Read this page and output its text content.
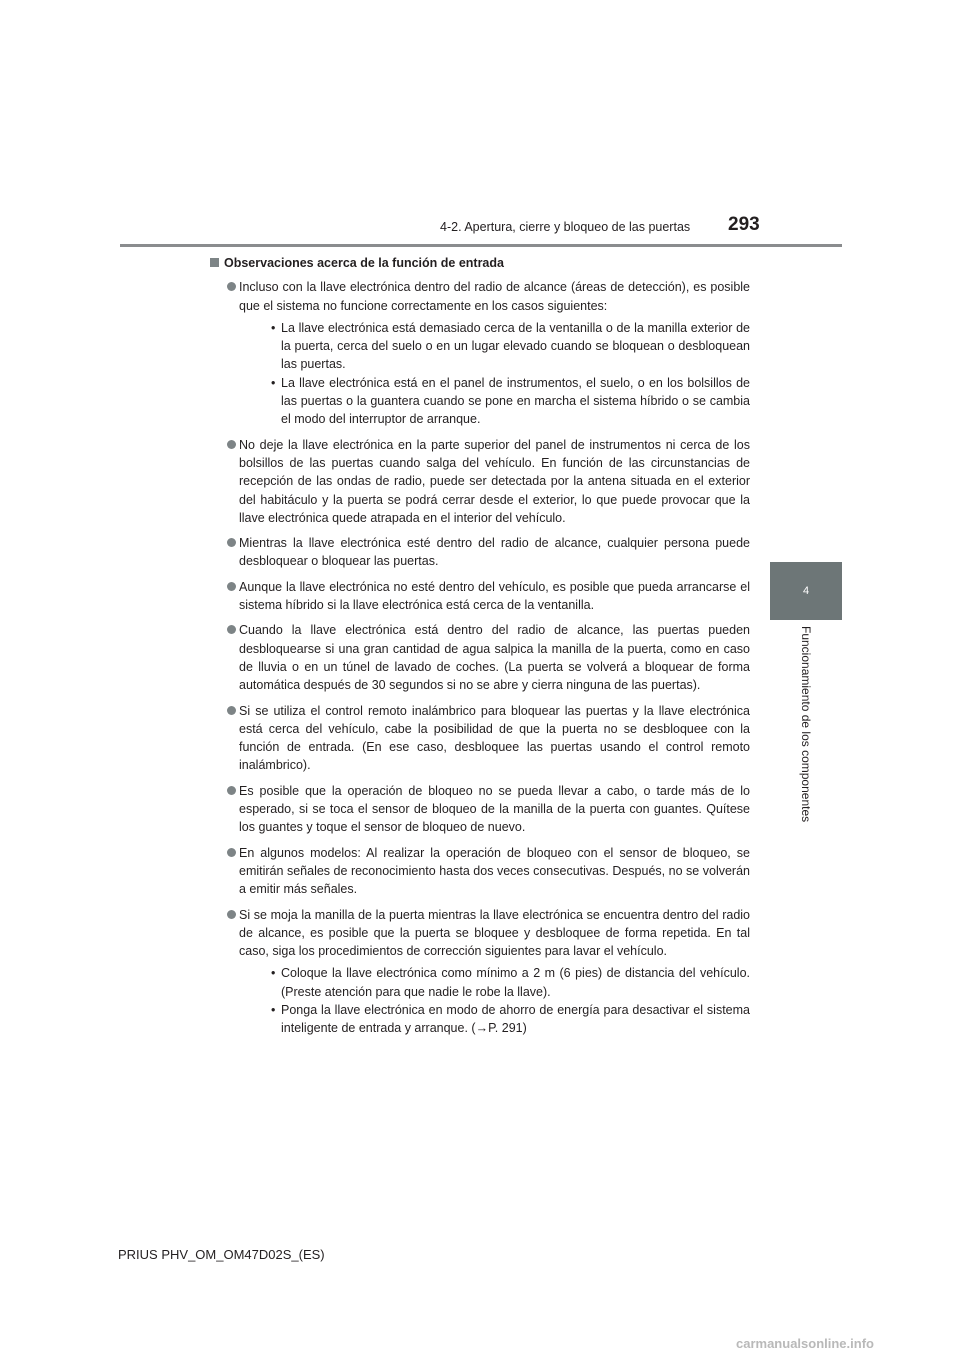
4-2. Apertura, cierre y bloqueo de las puertas 293
4
Funcionamiento de los componentes
Observaciones acerca de la función de entrada
Incluso con la llave electrónica dentro del radio de alcance (áreas de detección), es posible que el sistema no funcione correctamente en los casos siguientes:
• La llave electrónica está demasiado cerca de la ventanilla o de la manilla exterior de la puerta, cerca del suelo o en un lugar elevado cuando se bloquean o desbloquean las puertas.
• La llave electrónica está en el panel de instrumentos, el suelo, o en los bolsillos de las puertas o la guantera cuando se pone en marcha el sistema híbrido o se cambia el modo del interruptor de arranque.
No deje la llave electrónica en la parte superior del panel de instrumentos ni cerca de los bolsillos de las puertas cuando salga del vehículo. En función de las circunstancias de recepción de las ondas de radio, puede ser detectada por la antena situada en el exterior del habitáculo y la puerta se podrá cerrar desde el exterior, lo que puede provocar que la llave electrónica quede atrapada en el interior del vehículo.
Mientras la llave electrónica esté dentro del radio de alcance, cualquier persona puede desbloquear o bloquear las puertas.
Aunque la llave electrónica no esté dentro del vehículo, es posible que pueda arrancarse el sistema híbrido si la llave electrónica está cerca de la ventanilla.
Cuando la llave electrónica está dentro del radio de alcance, las puertas pueden desbloquearse si una gran cantidad de agua salpica la manilla de la puerta, como en caso de lluvia o en un túnel de lavado de coches. (La puerta se volverá a bloquear de forma automática después de 30 segundos si no se abre y cierra ninguna de las puertas).
Si se utiliza el control remoto inalámbrico para bloquear las puertas y la llave electrónica está cerca del vehículo, cabe la posibilidad de que la puerta no se desbloquee con la función de entrada. (En ese caso, desbloquee las puertas usando el control remoto inalámbrico).
Es posible que la operación de bloqueo no se pueda llevar a cabo, o tarde más de lo esperado, si se toca el sensor de bloqueo de la manilla de la puerta con guantes. Quítese los guantes y toque el sensor de bloqueo de nuevo.
En algunos modelos: Al realizar la operación de bloqueo con el sensor de bloqueo, se emitirán señales de reconocimiento hasta dos veces consecutivas. Después, no se volverán a emitir más señales.
Si se moja la manilla de la puerta mientras la llave electrónica se encuentra dentro del radio de alcance, es posible que la puerta se bloquee y desbloquee de forma repetida. En tal caso, siga los procedimientos de corrección siguientes para lavar el vehículo.
• Coloque la llave electrónica como mínimo a 2 m (6 pies) de distancia del vehículo. (Preste atención para que nadie le robe la llave).
• Ponga la llave electrónica en modo de ahorro de energía para desactivar el sistema inteligente de entrada y arranque. (→P. 291)
PRIUS PHV_OM_OM47D02S_(ES)
carmanualsonline.info
